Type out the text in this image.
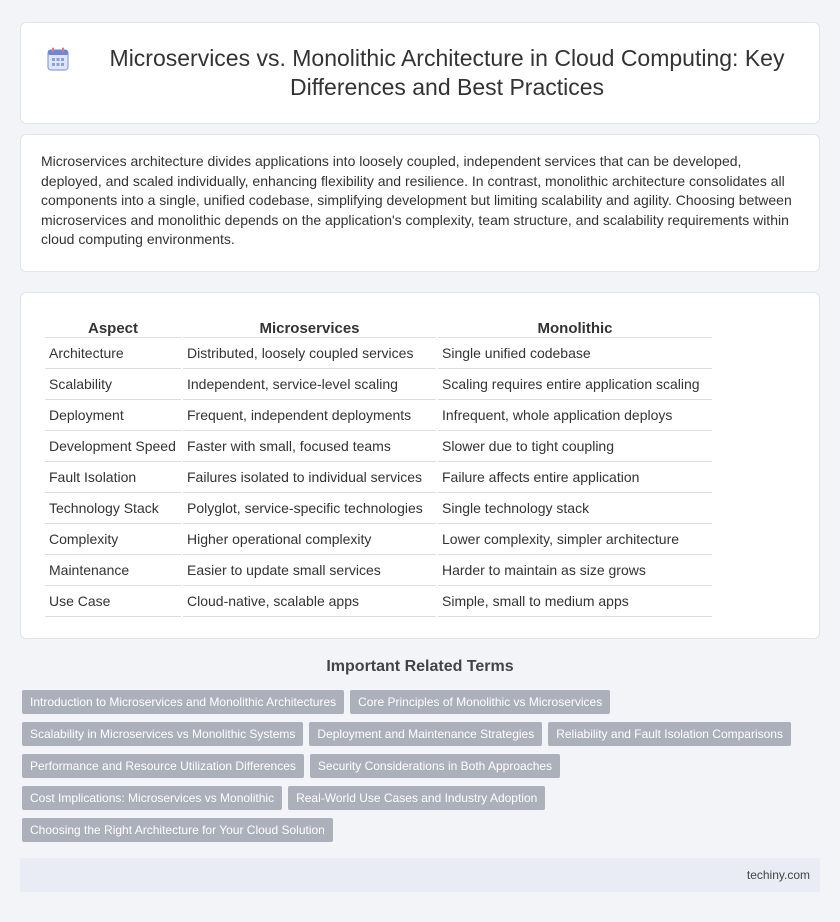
Microservices vs. Monolithic Architecture in Cloud Computing: Key Differences and Best Practices

Microservices architecture divides applications into loosely coupled, independent services that can be developed, deployed, and scaled individually, enhancing flexibility and resilience. In contrast, monolithic architecture consolidates all components into a single, unified codebase, simplifying development but limiting scalability and agility. Choosing between microservices and monolithic depends on the application's complexity, team structure, and scalability requirements within cloud computing environments.

Aspect	Microservices	Monolithic
Architecture	Distributed, loosely coupled services	Single unified codebase
Scalability	Independent, service-level scaling	Scaling requires entire application scaling
Deployment	Frequent, independent deployments	Infrequent, whole application deploys
Development Speed	Faster with small, focused teams	Slower due to tight coupling
Fault Isolation	Failures isolated to individual services	Failure affects entire application
Technology Stack	Polyglot, service-specific technologies	Single technology stack
Complexity	Higher operational complexity	Lower complexity, simpler architecture
Maintenance	Easier to update small services	Harder to maintain as size grows
Use Case	Cloud-native, scalable apps	Simple, small to medium apps
Important Related Terms
Introduction to Microservices and Monolithic Architectures	Core Principles of Monolithic vs Microservices
Scalability in Microservices vs Monolithic Systems	Deployment and Maintenance Strategies	Reliability and Fault Isolation Comparisons
Performance and Resource Utilization Differences	Security Considerations in Both Approaches
Cost Implications: Microservices vs Monolithic	Real-World Use Cases and Industry Adoption
Choosing the Right Architecture for Your Cloud Solution
techiny.com
